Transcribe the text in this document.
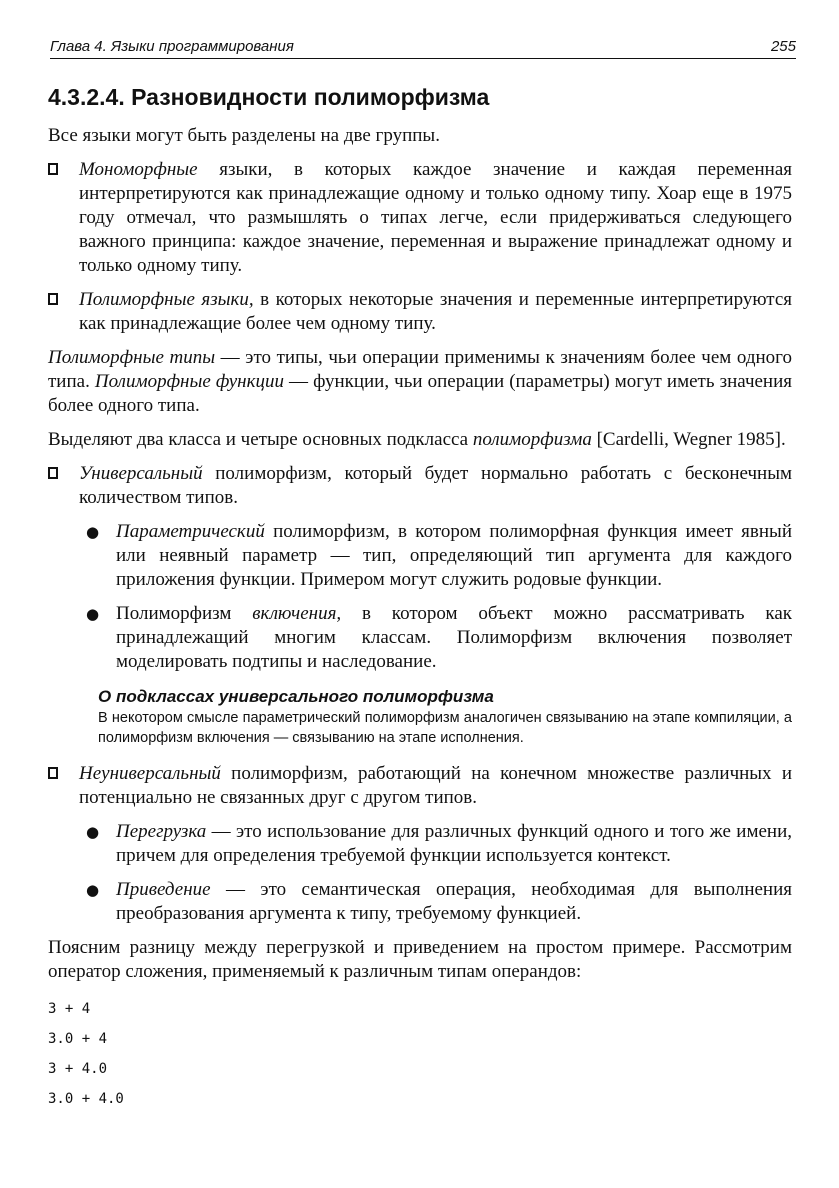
Глава 4. Языки программирования	255
4.3.2.4. Разновидности полиморфизма

Все языки могут быть разделены на две группы.

Мономорфные языки, в которых каждое значение и каждая переменная интерпретируются как принадлежащие одному и только одному типу. Хоар еще в 1975 году отмечал, что размышлять о типах легче, если придерживаться следующего важного принципа: каждое значение, переменная и выражение принадлежат одному и только одному типу.
Полиморфные языки, в которых некоторые значения и переменные интерпретируются как принадлежащие более чем одному типу.

Полиморфные типы — это типы, чьи операции применимы к значениям более чем одного типа. Полиморфные функции — функции, чьи операции (параметры) могут иметь значения более одного типа.

Выделяют два класса и четыре основных подкласса полиморфизма [Cardelli, Wegner 1985].

Универсальный полиморфизм, который будет нормально работать с бесконечным количеством типов.
● Параметрический полиморфизм, в котором полиморфная функция имеет явный или неявный параметр — тип, определяющий тип аргумента для каждого приложения функции. Примером могут служить родовые функции.
● Полиморфизм включения, в котором объект можно рассматривать как принадлежащий многим классам. Полиморфизм включения позволяет моделировать подтипы и наследование.
О подклассах универсального полиморфизма
В некотором смысле параметрический полиморфизм аналогичен связыванию на этапе компиляции, а полиморфизм включения — связыванию на этапе исполнения.
Неуниверсальный полиморфизм, работающий на конечном множестве различных и потенциально не связанных друг с другом типов.
● Перегрузка — это использование для различных функций одного и того же имени, причем для определения требуемой функции используется контекст.
● Приведение — это семантическая операция, необходимая для выполнения преобразования аргумента к типу, требуемому функцией.

Поясним разницу между перегрузкой и приведением на простом примере. Рассмотрим оператор сложения, применяемый к различным типам операндов:

3 + 4
3.0 + 4
3 + 4.0
3.0 + 4.0
